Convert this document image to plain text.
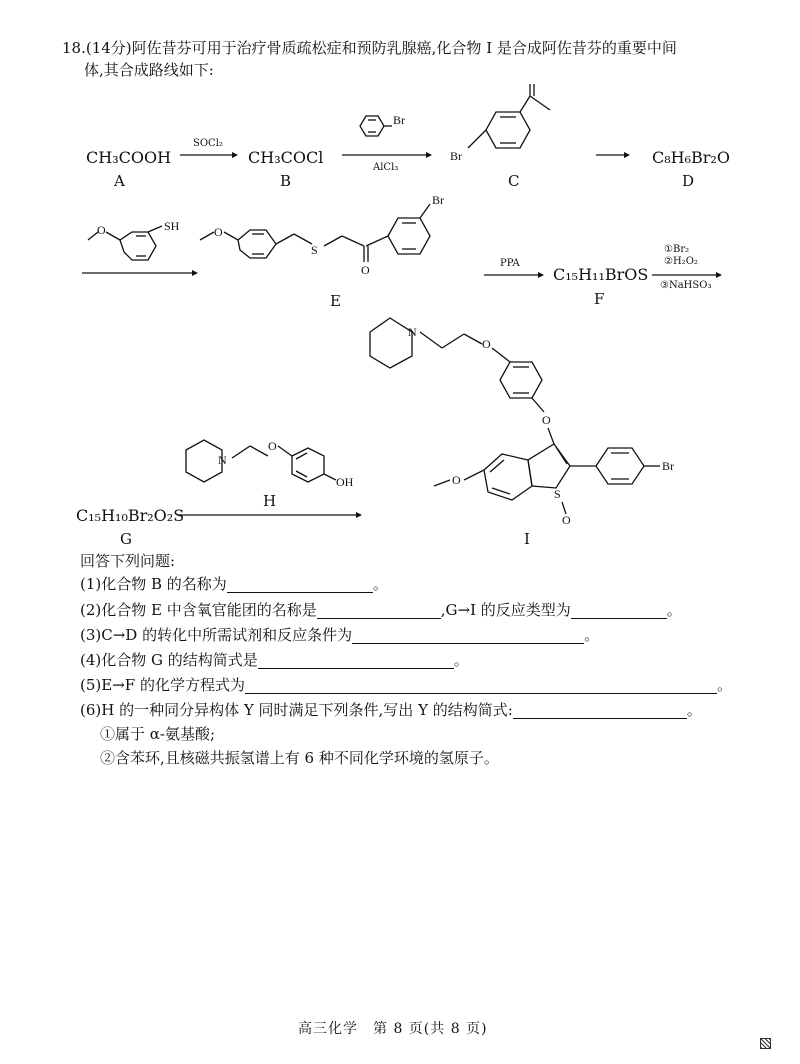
18.(14分)阿佐昔芬可用于治疗骨质疏松症和预防乳腺癌,化合物 I 是合成阿佐昔芬的重要中间
体,其合成路线如下:
CH₃COOH
A
SOCl₂
CH₃COCl
B
Br
AlCl₃
Br
C
C₈H₆Br₂O
D
O	SH	O
S
O
Br
E
PPA
C₁₅H₁₁BrOS
F
①Br₂
②H₂O₂
③NaHSO₃
N
O
O
S
O
O
Br
N
O
OH
H
C₁₅H₁₀Br₂O₂S
G	I
回答下列问题:
(1)化合物 B 的名称为	。
(2)化合物 E 中含氧官能团的名称是	,G→I 的反应类型为	。
(3)C→D 的转化中所需试剂和反应条件为	。
(4)化合物 G 的结构简式是	。
(5)E→F 的化学方程式为	。
(6)H 的一种同分异构体 Y 同时满足下列条件,写出 Y 的结构简式:	。
①属于 α-氨基酸;
②含苯环,且核磁共振氢谱上有 6 种不同化学环境的氢原子。
高三化学　第 8 页(共 8 页)
